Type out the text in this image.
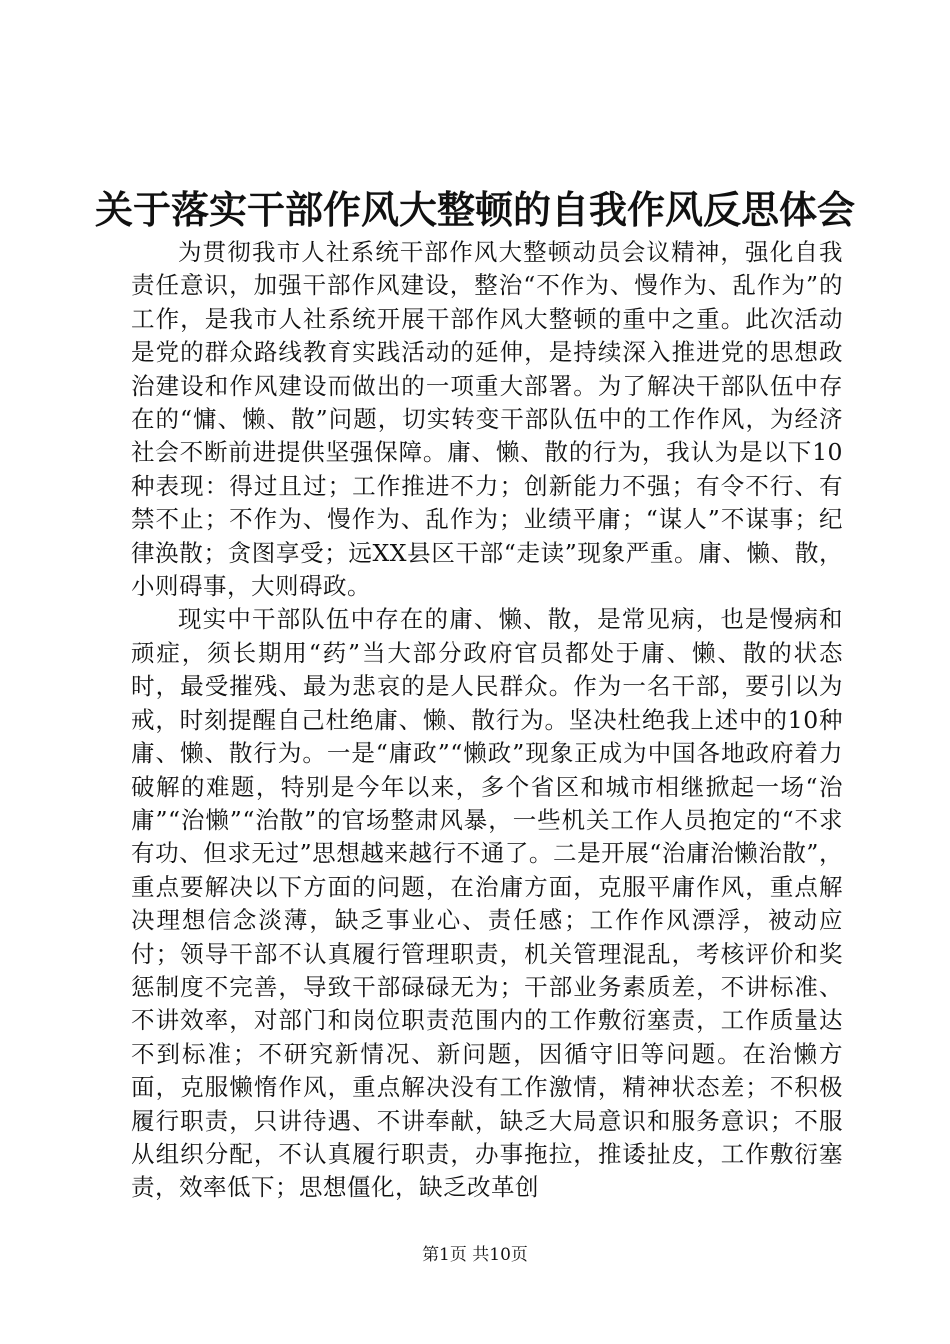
关于落实干部作风大整顿的自我作风反思体会

为贯彻我市人社系统干部作风大整顿动员会议精神，强化自我责任意识，加强干部作风建设，整治“不作为、慢作为、乱作为”的工作，是我市人社系统开展干部作风大整顿的重中之重。此次活动是党的群众路线教育实践活动的延伸，是持续深入推进党的思想政治建设和作风建设而做出的一项重大部署。为了解决干部队伍中存在的“慵、懒、散”问题，切实转变干部队伍中的工作作风，为经济社会不断前进提供坚强保障。庸、懒、散的行为，我认为是以下10种表现：得过且过；工作推进不力；创新能力不强；有令不行、有禁不止；不作为、慢作为、乱作为；业绩平庸；“谋人”不谋事；纪律涣散；贪图享受；远XX县区干部“走读”现象严重。庸、懒、散，小则碍事，大则碍政。

现实中干部队伍中存在的庸、懒、散，是常见病，也是慢病和顽症，须长期用“药”当大部分政府官员都处于庸、懒、散的状态时，最受摧残、最为悲哀的是人民群众。作为一名干部，要引以为戒，时刻提醒自己杜绝庸、懒、散行为。坚决杜绝我上述中的10种庸、懒、散行为。一是“庸政”“懒政”现象正成为中国各地政府着力破解的难题，特别是今年以来，多个省区和城市相继掀起一场“治庸”“治懒”“治散”的官场整肃风暴，一些机关工作人员抱定的“不求有功、但求无过”思想越来越行不通了。二是开展“治庸治懒治散”，重点要解决以下方面的问题，在治庸方面，克服平庸作风，重点解决理想信念淡薄，缺乏事业心、责任感；工作作风漂浮，被动应付；领导干部不认真履行管理职责，机关管理混乱，考核评价和奖惩制度不完善，导致干部碌碌无为；干部业务素质差，不讲标准、不讲效率，对部门和岗位职责范围内的工作敷衍塞责，工作质量达不到标准；不研究新情况、新问题，因循守旧等问题。在治懒方面，克服懒惰作风，重点解决没有工作激情，精神状态差；不积极履行职责，只讲待遇、不讲奉献，缺乏大局意识和服务意识；不服从组织分配，不认真履行职责，办事拖拉，推诿扯皮，工作敷衍塞责，效率低下；思想僵化，缺乏改革创

第1页 共10页
